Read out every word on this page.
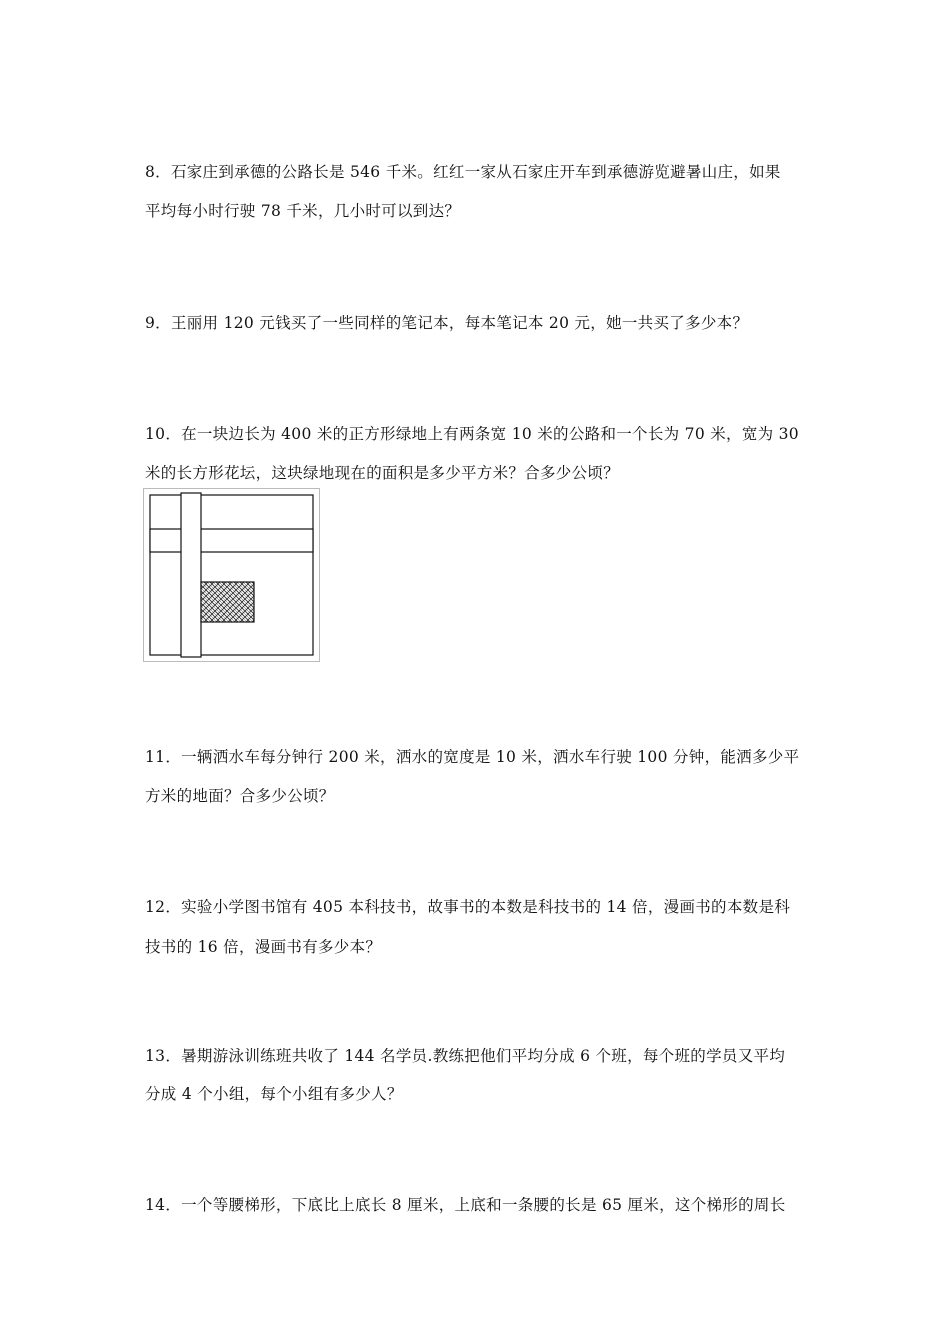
8．石家庄到承德的公路长是 546 千米。红红一家从石家庄开车到承德游览避暑山庄，如果
平均每小时行驶 78 千米，几小时可以到达？
9．王丽用 120 元钱买了一些同样的笔记本，每本笔记本 20 元，她一共买了多少本？
10．在一块边长为 400 米的正方形绿地上有两条宽 10 米的公路和一个长为 70 米，宽为 30
米的长方形花坛，这块绿地现在的面积是多少平方米？合多少公顷？
11．一辆洒水车每分钟行 200 米，洒水的宽度是 10 米，洒水车行驶 100 分钟，能洒多少平
方米的地面？合多少公顷？
12．实验小学图书馆有 405 本科技书，故事书的本数是科技书的 14 倍，漫画书的本数是科
技书的 16 倍，漫画书有多少本？
13．暑期游泳训练班共收了 144 名学员.教练把他们平均分成 6 个班，每个班的学员又平均
分成 4 个小组，每个小组有多少人？
14．一个等腰梯形，下底比上底长 8 厘米，上底和一条腰的长是 65 厘米，这个梯形的周长
